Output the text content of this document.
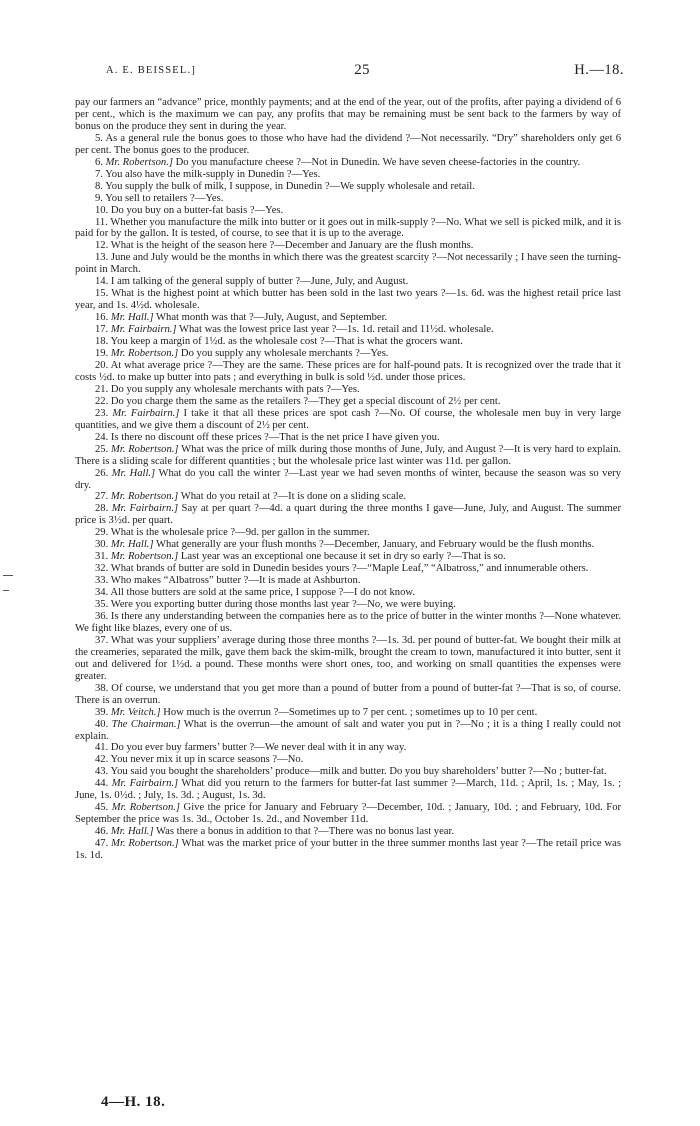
A. E. BEISSEL.]	25	H.—18.

pay our farmers an “advance” price, monthly payments; and at the end of the year, out of the profits, after paying a dividend of 6 per cent., which is the maximum we can pay, any profits that may be remaining must be sent back to the farmers by way of bonus on the produce they sent in during the year.

5. As a general rule the bonus goes to those who have had the dividend ?—Not necessarily. “Dry” shareholders only get 6 per cent. The bonus goes to the producer.

6. Mr. Robertson.] Do you manufacture cheese ?—Not in Dunedin. We have seven cheese-factories in the country.

7. You also have the milk-supply in Dunedin ?—Yes.

8. You supply the bulk of milk, I suppose, in Dunedin ?—We supply wholesale and retail.

9. You sell to retailers ?—Yes.

10. Do you buy on a butter-fat basis ?—Yes.

11. Whether you manufacture the milk into butter or it goes out in milk-supply ?—No. What we sell is picked milk, and it is paid for by the gallon. It is tested, of course, to see that it is up to the average.

12. What is the height of the season here ?—December and January are the flush months.

13. June and July would be the months in which there was the greatest scarcity ?—Not necessarily ; I have seen the turning-point in March.

14. I am talking of the general supply of butter ?—June, July, and August.

15. What is the highest point at which butter has been sold in the last two years ?—1s. 6d. was the highest retail price last year, and 1s. 4½d. wholesale.

16. Mr. Hall.] What month was that ?—July, August, and September.

17. Mr. Fairbairn.] What was the lowest price last year ?—1s. 1d. retail and 11½d. wholesale.

18. You keep a margin of 1½d. as the wholesale cost ?—That is what the grocers want.

19. Mr. Robertson.] Do you supply any wholesale merchants ?—Yes.

20. At what average price ?—They are the same. These prices are for half-pound pats. It is recognized over the trade that it costs ½d. to make up butter into pats ; and everything in bulk is sold ½d. under those prices.

21. Do you supply any wholesale merchants with pats ?—Yes.

22. Do you charge them the same as the retailers ?—They get a special discount of 2½ per cent.

23. Mr. Fairbairn.] I take it that all these prices are spot cash ?—No. Of course, the wholesale men buy in very large quantities, and we give them a discount of 2½ per cent.

24. Is there no discount off these prices ?—That is the net price I have given you.

25. Mr. Robertson.] What was the price of milk during those months of June, July, and August ?—It is very hard to explain. There is a sliding scale for different quantities ; but the wholesale price last winter was 11d. per gallon.

26. Mr. Hall.] What do you call the winter ?—Last year we had seven months of winter, because the season was so very dry.

27. Mr. Robertson.] What do you retail at ?—It is done on a sliding scale.

28. Mr. Fairbairn.] Say at per quart ?—4d. a quart during the three months I gave—June, July, and August. The summer price is 3½d. per quart.

29. What is the wholesale price ?—9d. per gallon in the summer.

30. Mr. Hall.] What generally are your flush months ?—December, January, and February would be the flush months.

31. Mr. Robertson.] Last year was an exceptional one because it set in dry so early ?—That is so.

32. What brands of butter are sold in Dunedin besides yours ?—“Maple Leaf,” “Albatross,” and innumerable others.

33. Who makes “Albatross” butter ?—It is made at Ashburton.

34. All those butters are sold at the same price, I suppose ?—I do not know.

35. Were you exporting butter during those months last year ?—No, we were buying.

36. Is there any understanding between the companies here as to the price of butter in the winter months ?—None whatever. We fight like blazes, every one of us.

37. What was your suppliers’ average during those three months ?—1s. 3d. per pound of butter-fat. We bought their milk at the creameries, separated the milk, gave them back the skim-milk, brought the cream to town, manufactured it into butter, sent it out and delivered for 1½d. a pound. These months were short ones, too, and working on small quantities the expenses were greater.

38. Of course, we understand that you get more than a pound of butter from a pound of butter-fat ?—That is so, of course. There is an overrun.

39. Mr. Veitch.] How much is the overrun ?—Sometimes up to 7 per cent. ; sometimes up to 10 per cent.

40. The Chairman.] What is the overrun—the amount of salt and water you put in ?—No ; it is a thing I really could not explain.

41. Do you ever buy farmers’ butter ?—We never deal with it in any way.

42. You never mix it up in scarce seasons ?—No.

43. You said you bought the shareholders’ produce—milk and butter. Do you buy shareholders’ butter ?—No ; butter-fat.

44. Mr. Fairbairn.] What did you return to the farmers for butter-fat last summer ?—March, 11d. ; April, 1s. ; May, 1s. ; June, 1s. 0½d. ; July, 1s. 3d. ; August, 1s. 3d.

45. Mr. Robertson.] Give the price for January and February ?—December, 10d. ; January, 10d. ; and February, 10d. For September the price was 1s. 3d., October 1s. 2d., and November 11d.

46. Mr. Hall.] Was there a bonus in addition to that ?—There was no bonus last year.

47. Mr. Robertson.] What was the market price of your butter in the three summer months last year ?—The retail price was 1s. 1d.

4—H. 18.
